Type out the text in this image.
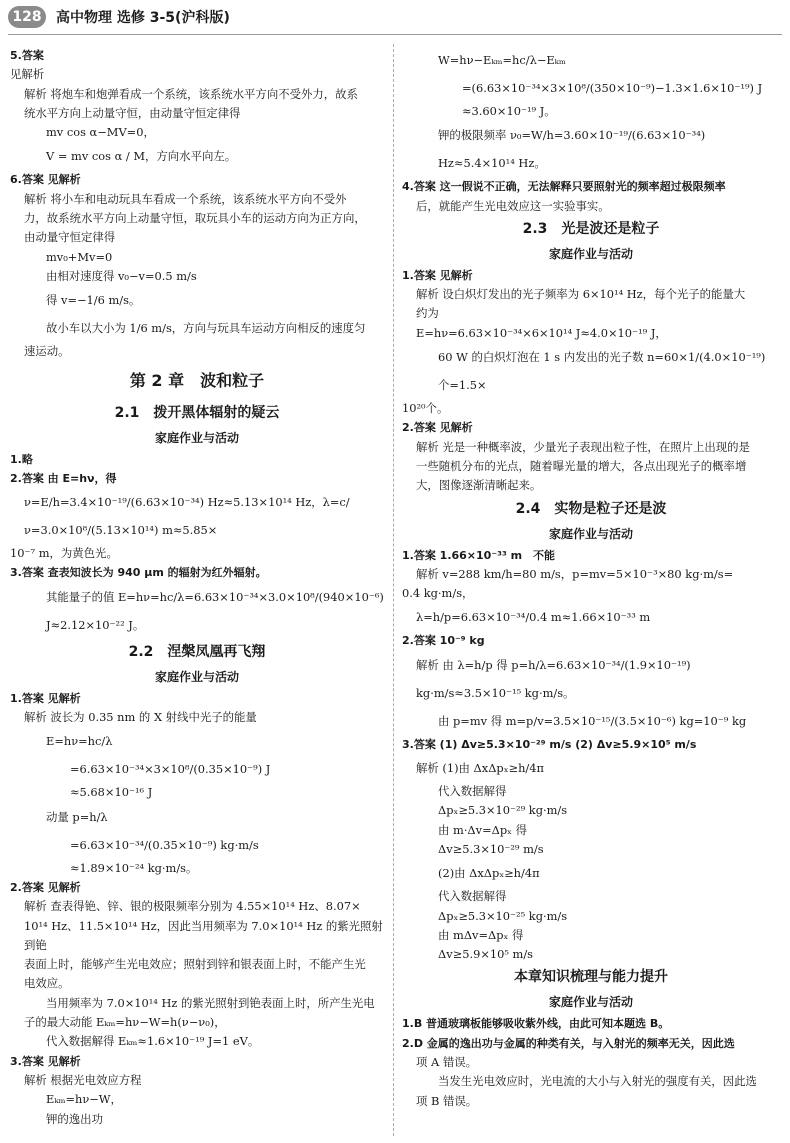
128	高中物理 选修 3-5(沪科版)

5.答案

见解析

解析 将炮车和炮弹看成一个系统，该系统水平方向不受外力，故系

统水平方向上动量守恒，由动量守恒定律得

mv cos α−MV=0，

V = mv cos α / M，方向水平向左。

6.答案 见解析

解析 将小车和电动玩具车看成一个系统，该系统水平方向不受外

力，故系统水平方向上动量守恒，取玩具小车的运动方向为正方向，

由动量守恒定律得

mv₀+Mv=0

由相对速度得 v₀−v=0.5 m/s

得 v=−1/6 m/s。

故小车以大小为 1/6 m/s，方向与玩具车运动方向相反的速度匀

速运动。

第 2 章　波和粒子

2.1　拨开黑体辐射的疑云

家庭作业与活动

1.略

2.答案 由 E=hν，得

ν=E/h=3.4×10⁻¹⁹/(6.63×10⁻³⁴) Hz≈5.13×10¹⁴ Hz，λ=c/ν=3.0×10⁸/(5.13×10¹⁴) m≈5.85×

10⁻⁷ m，为黄色光。

3.答案 查表知波长为 940 μm 的辐射为红外辐射。

其能量子的值 E=hν=hc/λ=6.63×10⁻³⁴×3.0×10⁸/(940×10⁻⁶) J≈2.12×10⁻²² J。

2.2　涅槃凤凰再飞翔

家庭作业与活动

1.答案 见解析

解析 波长为 0.35 nm 的 X 射线中光子的能量

E=hν=hc/λ

=6.63×10⁻³⁴×3×10⁸/(0.35×10⁻⁹) J

≈5.68×10⁻¹⁶ J

动量 p=h/λ

=6.63×10⁻³⁴/(0.35×10⁻⁹) kg·m/s

≈1.89×10⁻²⁴ kg·m/s。

2.答案 见解析

解析 查表得铯、锌、银的极限频率分别为 4.55×10¹⁴ Hz、8.07×

10¹⁴ Hz、11.5×10¹⁴ Hz，因此当用频率为 7.0×10¹⁴ Hz 的紫光照射到铯

表面上时，能够产生光电效应；照射到锌和银表面上时，不能产生光

电效应。

当用频率为 7.0×10¹⁴ Hz 的紫光照射到铯表面上时，所产生光电

子的最大动能 Eₖₘ=hν−W=h(ν−ν₀)，

代入数据解得 Eₖₘ≈1.6×10⁻¹⁹ J=1 eV。

3.答案 见解析

解析 根据光电效应方程

Eₖₘ=hν−W，

钾的逸出功

W=hν−Eₖₘ=hc/λ−Eₖₘ

=(6.63×10⁻³⁴×3×10⁸/(350×10⁻⁹)−1.3×1.6×10⁻¹⁹) J

≈3.60×10⁻¹⁹ J。

钾的极限频率 ν₀=W/h=3.60×10⁻¹⁹/(6.63×10⁻³⁴) Hz≈5.4×10¹⁴ Hz。

4.答案 这一假说不正确，无法解释只要照射光的频率超过极限频率

后，就能产生光电效应这一实验事实。

2.3　光是波还是粒子

家庭作业与活动

1.答案 见解析

解析 设白炽灯发出的光子频率为 6×10¹⁴ Hz，每个光子的能量大

约为

E=hν=6.63×10⁻³⁴×6×10¹⁴ J≈4.0×10⁻¹⁹ J，

60 W 的白炽灯泡在 1 s 内发出的光子数 n=60×1/(4.0×10⁻¹⁹) 个=1.5×

10²⁰个。

2.答案 见解析

解析 光是一种概率波，少量光子表现出粒子性，在照片上出现的是

一些随机分布的光点，随着曝光量的增大，各点出现光子的概率增

大，图像逐渐清晰起来。

2.4　实物是粒子还是波

家庭作业与活动

1.答案 1.66×10⁻³³ m　不能

解析 v=288 km/h=80 m/s，p=mv=5×10⁻³×80 kg·m/s=

0.4 kg·m/s，

λ=h/p=6.63×10⁻³⁴/0.4 m≈1.66×10⁻³³ m

2.答案 10⁻⁹ kg

解析 由 λ=h/p 得 p=h/λ=6.63×10⁻³⁴/(1.9×10⁻¹⁹) kg·m/s≈3.5×10⁻¹⁵ kg·m/s。

由 p=mv 得 m=p/v=3.5×10⁻¹⁵/(3.5×10⁻⁶) kg=10⁻⁹ kg

3.答案 (1) Δv≥5.3×10⁻²⁹ m/s (2) Δv≥5.9×10⁵ m/s

解析 (1)由 ΔxΔpₓ≥h/4π

代入数据解得

Δpₓ≥5.3×10⁻²⁹ kg·m/s

由 m·Δv=Δpₓ 得

Δv≥5.3×10⁻²⁹ m/s

(2)由 ΔxΔpₓ≥h/4π

代入数据解得

Δpₓ≥5.3×10⁻²⁵ kg·m/s

由 mΔv=Δpₓ 得

Δv≥5.9×10⁵ m/s

本章知识梳理与能力提升

家庭作业与活动

1.B 普通玻璃板能够吸收紫外线，由此可知本题选 B。

2.D 金属的逸出功与金属的种类有关，与入射光的频率无关，因此选

项 A 错误。

当发生光电效应时，光电流的大小与入射光的强度有关，因此选

项 B 错误。
